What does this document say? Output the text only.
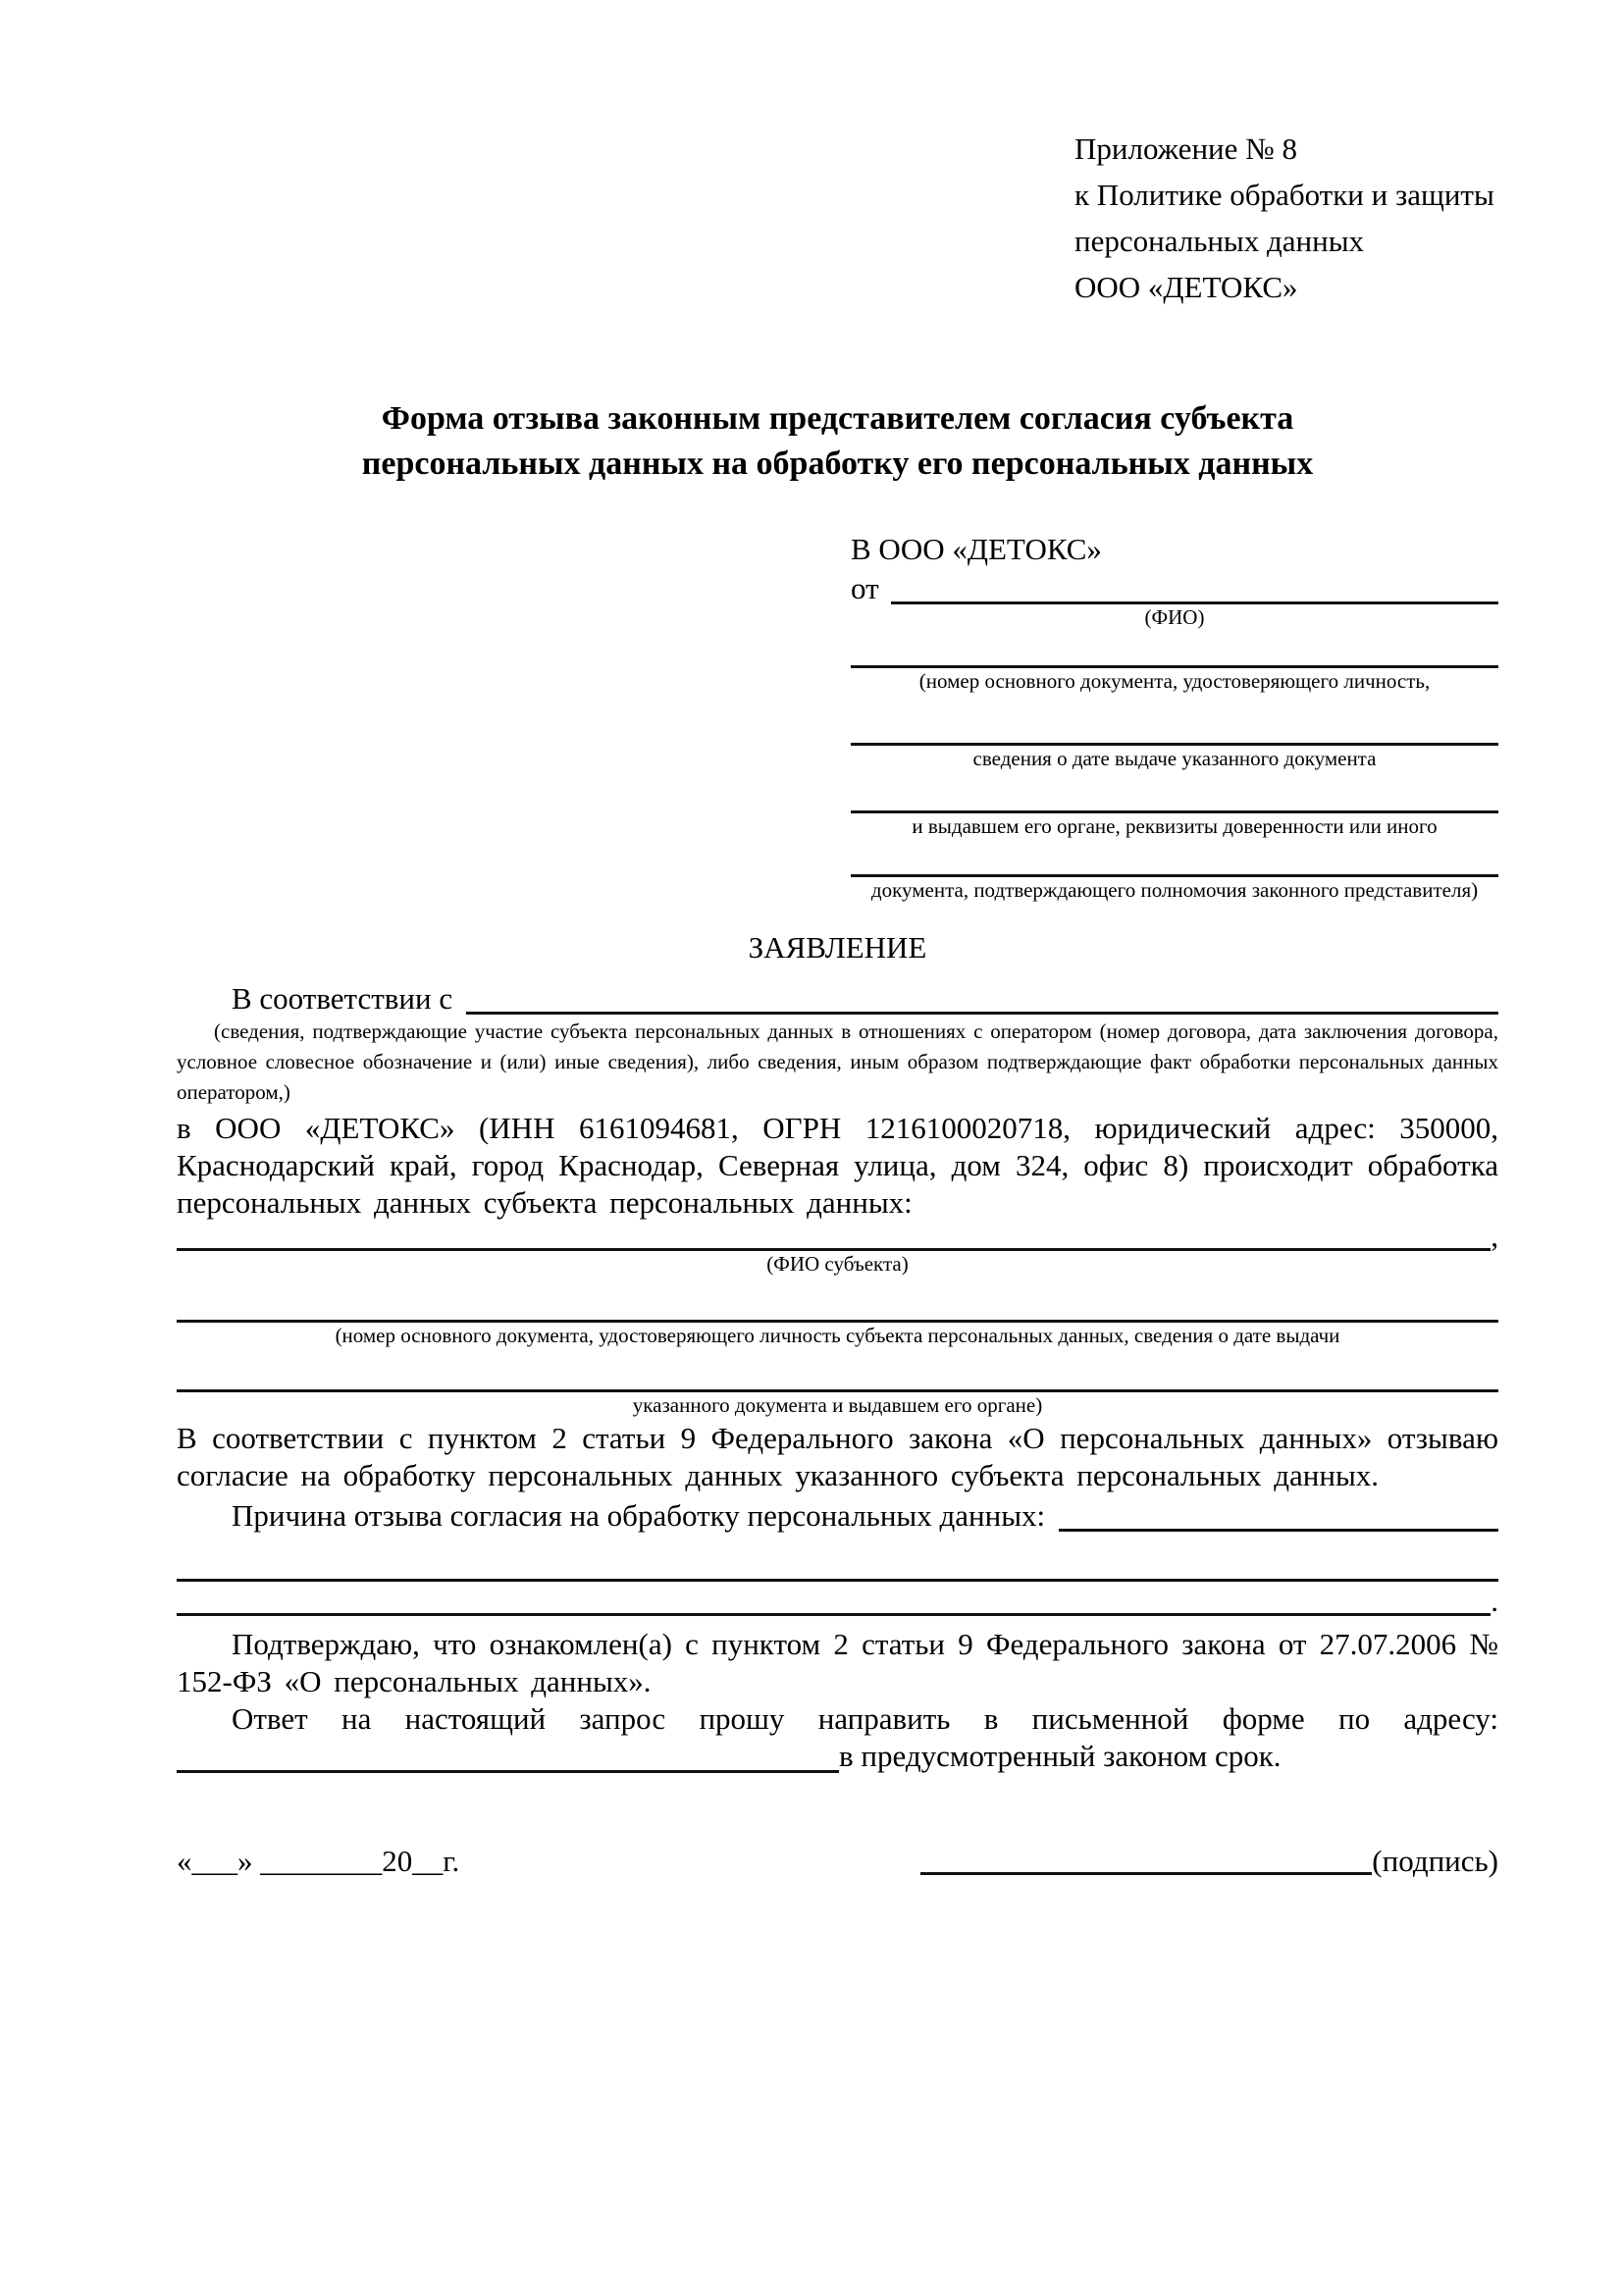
Приложение № 8
к Политике обработки и защиты
персональных данных
ООО «ДЕТОКС»
Форма отзыва законным представителем согласия субъекта
персональных данных на обработку его персональных данных
В ООО «ДЕТОКС»
от
(ФИО)
(номер основного документа, удостоверяющего личность,
сведения о дате выдаче указанного документа
и выдавшем его органе, реквизиты доверенности или иного
документа, подтверждающего полномочия законного представителя)
ЗАЯВЛЕНИЕ
В соответствии с

(сведения, подтверждающие участие субъекта персональных данных в отношениях с оператором (номер договора, дата заключения договора, условное словесное обозначение и (или) иные сведения), либо сведения, иным образом подтверждающие факт обработки персональных данных оператором,)

в ООО «ДЕТОКС» (ИНН 6161094681, ОГРН 1216100020718, юридический адрес: 350000, Краснодарский край, город Краснодар, Северная улица, дом 324, офис 8) происходит обработка персональных данных субъекта персональных данных:

,
(ФИО субъекта)
(номер основного документа, удостоверяющего личность субъекта персональных данных, сведения о дате выдачи
указанного документа и выдавшем его органе)

В соответствии с пунктом 2 статьи 9 Федерального закона «О персональных данных» отзываю согласие на обработку персональных данных указанного субъекта персональных данных.

Причина отзыва согласия на обработку персональных данных:
.

Подтверждаю, что ознакомлен(а) с пунктом 2 статьи 9 Федерального закона от 27.07.2006 № 152-ФЗ «О персональных данных».

Ответ на настоящий запрос прошу направить в письменной форме по адресу:

в предусмотренный законом срок.
«___» ________20__г.	(подпись)
